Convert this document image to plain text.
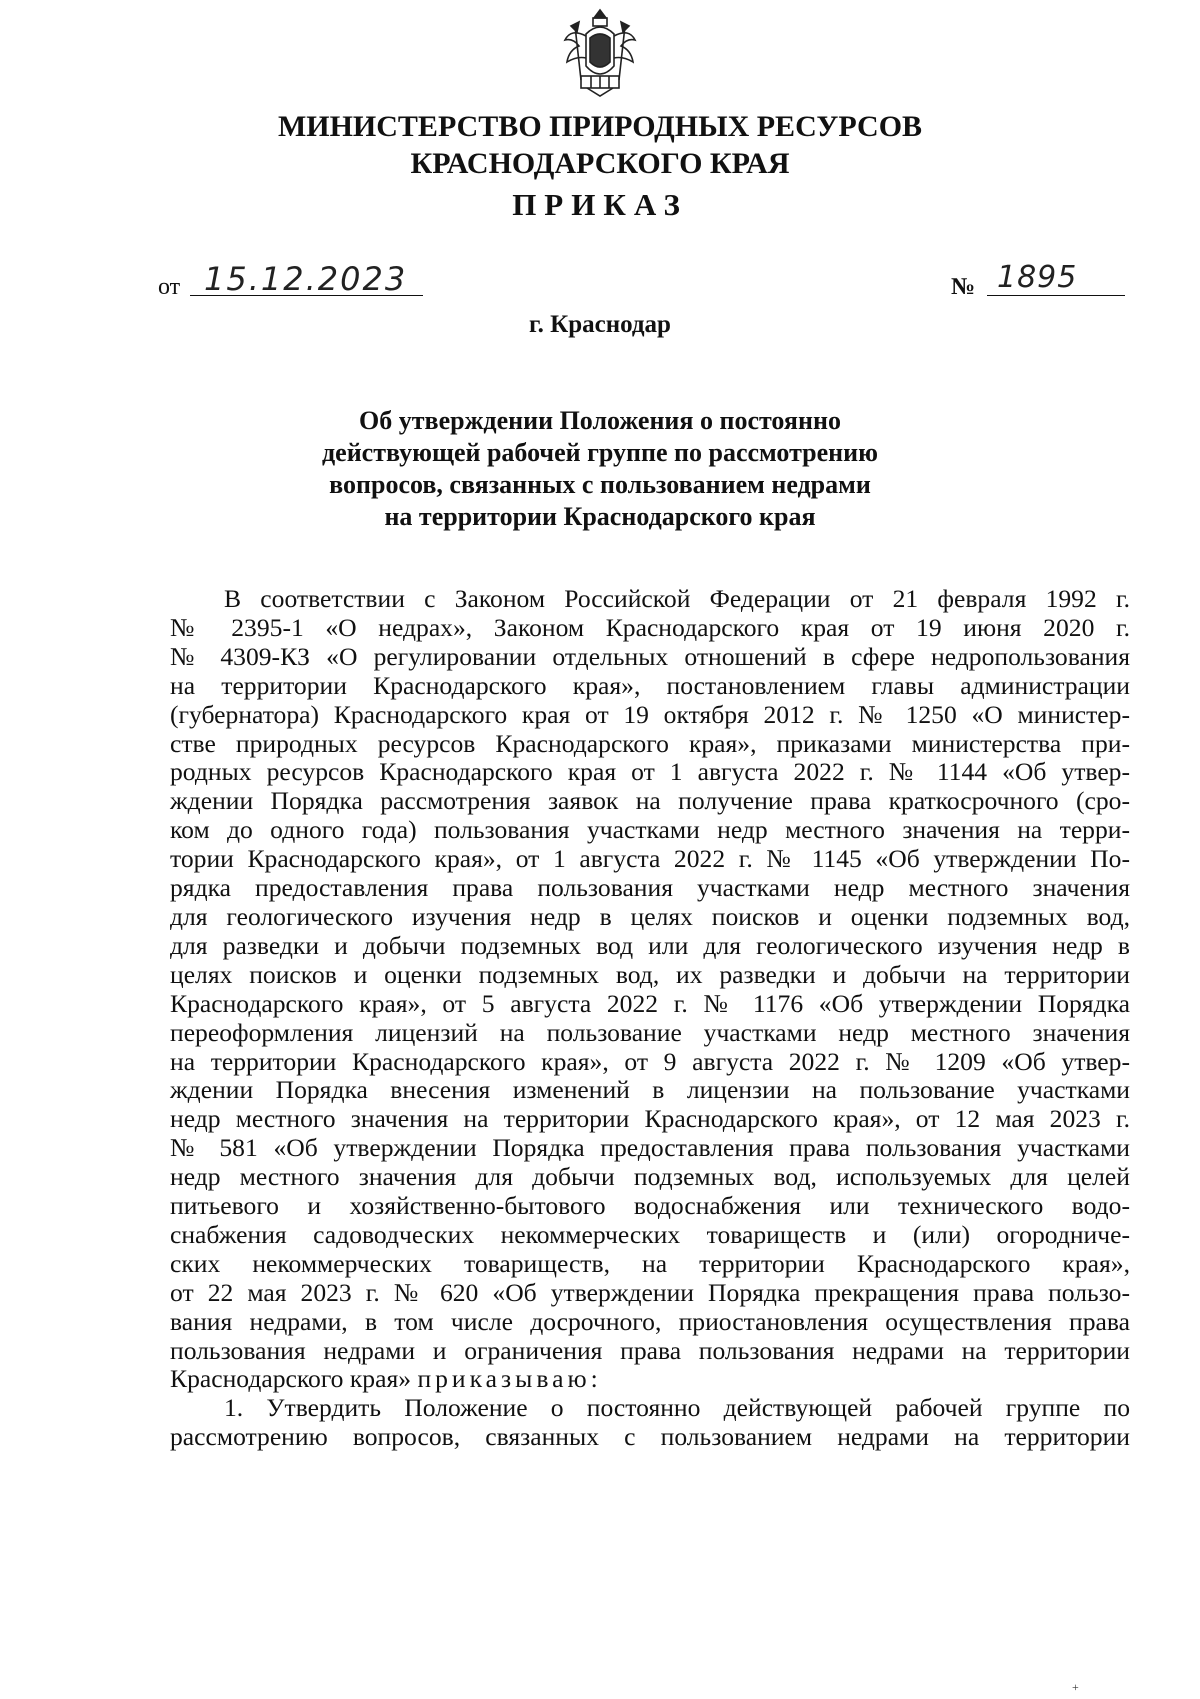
МИНИСТЕРСТВО ПРИРОДНЫХ РЕСУРСОВ
КРАСНОДАРСКОГО КРАЯ
ПРИКАЗ
от 15.12.2023	№ 1895
г. Краснодар
Об утверждении Положения о постоянно
действующей рабочей группе по рассмотрению
вопросов, связанных с пользованием недрами
на территории Краснодарского края

В соответствии с Законом Российской Федерации от 21 февраля 1992 г.

№ 2395-1 «О недрах», Законом Краснодарского края от 19 июня 2020 г.

№ 4309-КЗ «О регулировании отдельных отношений в сфере недропользования

на территории Краснодарского края», постановлением главы администрации

(губернатора) Краснодарского края от 19 октября 2012 г. № 1250 «О министер-

стве природных ресурсов Краснодарского края», приказами министерства при-

родных ресурсов Краснодарского края от 1 августа 2022 г. № 1144 «Об утвер-

ждении Порядка рассмотрения заявок на получение права краткосрочного (сро-

ком до одного года) пользования участками недр местного значения на терри-

тории Краснодарского края», от 1 августа 2022 г. № 1145 «Об утверждении По-

рядка предоставления права пользования участками недр местного значения

для геологического изучения недр в целях поисков и оценки подземных вод,

для разведки и добычи подземных вод или для геологического изучения недр в

целях поисков и оценки подземных вод, их разведки и добычи на территории

Краснодарского края», от 5 августа 2022 г. № 1176 «Об утверждении Порядка

переоформления лицензий на пользование участками недр местного значения

на территории Краснодарского края», от 9 августа 2022 г. № 1209 «Об утвер-

ждении Порядка внесения изменений в лицензии на пользование участками

недр местного значения на территории Краснодарского края», от 12 мая 2023 г.

№ 581 «Об утверждении Порядка предоставления права пользования участками

недр местного значения для добычи подземных вод, используемых для целей

питьевого и хозяйственно-бытового водоснабжения или технического водо-

снабжения садоводческих некоммерческих товариществ и (или) огородниче-

ских некоммерческих товариществ, на территории Краснодарского края»,

от 22 мая 2023 г. № 620 «Об утверждении Порядка прекращения права пользо-

вания недрами, в том числе досрочного, приостановления осуществления права

пользования недрами и ограничения права пользования недрами на территории

Краснодарского края» приказываю:

1. Утвердить Положение о постоянно действующей рабочей группе по

рассмотрению вопросов, связанных с пользованием недрами на территории

+
